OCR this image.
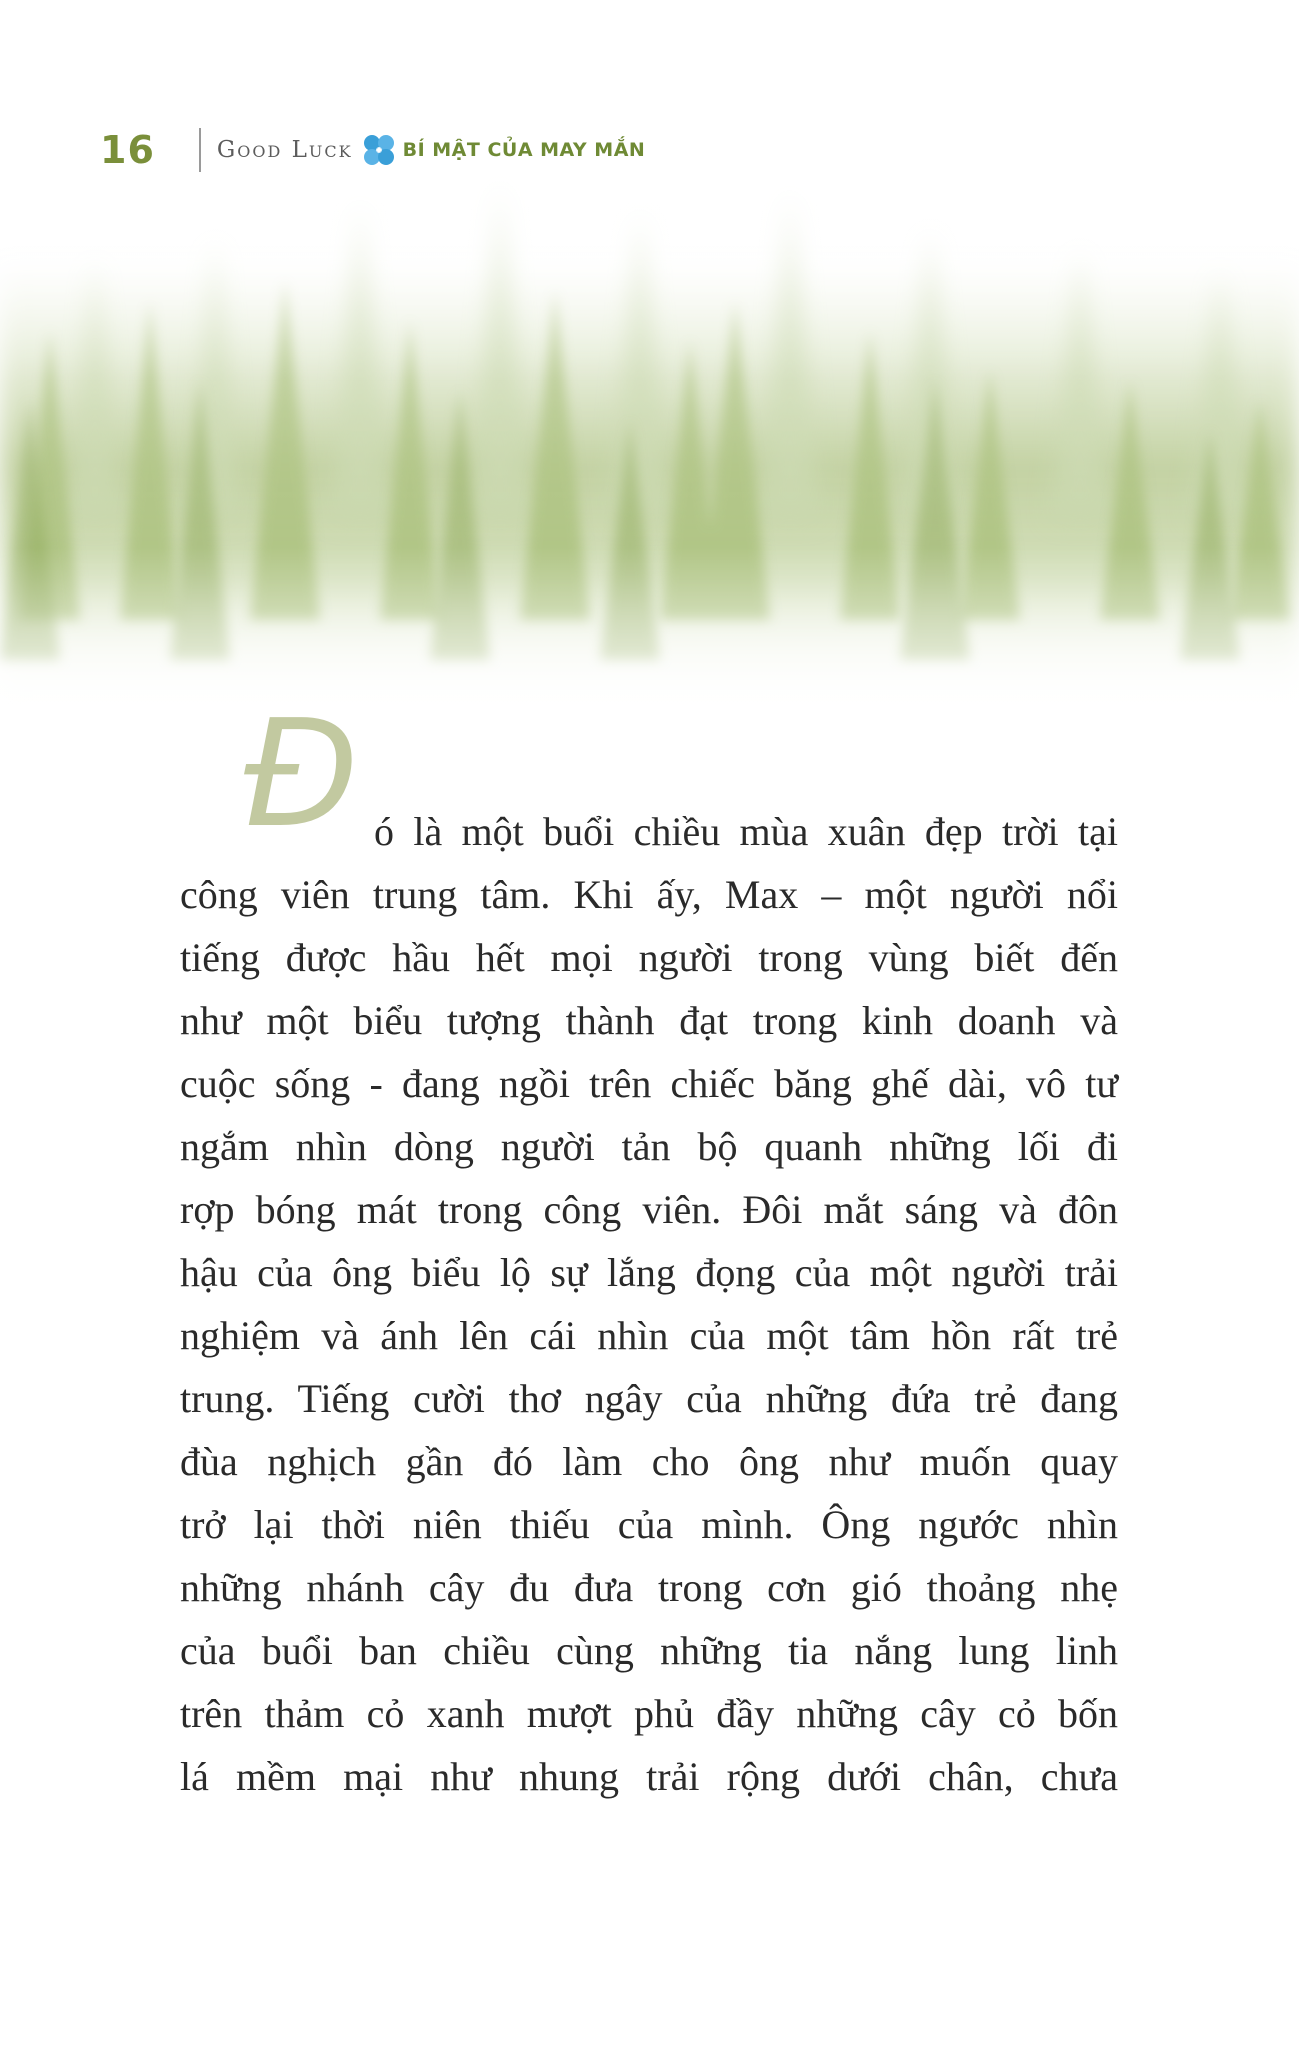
16	Good Luck	BÍ MẬT CỦA MAY MẮN
Đ ó là một buổi chiều mùa xuân đẹp trời tại
công viên trung tâm. Khi ấy, Max – một người nổi
tiếng được hầu hết mọi người trong vùng biết đến
như một biểu tượng thành đạt trong kinh doanh và
cuộc sống - đang ngồi trên chiếc băng ghế dài, vô tư
ngắm nhìn dòng người tản bộ quanh những lối đi
rợp bóng mát trong công viên. Đôi mắt sáng và đôn
hậu của ông biểu lộ sự lắng đọng của một người trải
nghiệm và ánh lên cái nhìn của một tâm hồn rất trẻ
trung. Tiếng cười thơ ngây của những đứa trẻ đang
đùa nghịch gần đó làm cho ông như muốn quay
trở lại thời niên thiếu của mình. Ông ngước nhìn
những nhánh cây đu đưa trong cơn gió thoảng nhẹ
của buổi ban chiều cùng những tia nắng lung linh
trên thảm cỏ xanh mượt phủ đầy những cây cỏ bốn
lá mềm mại như nhung trải rộng dưới chân, chưa
